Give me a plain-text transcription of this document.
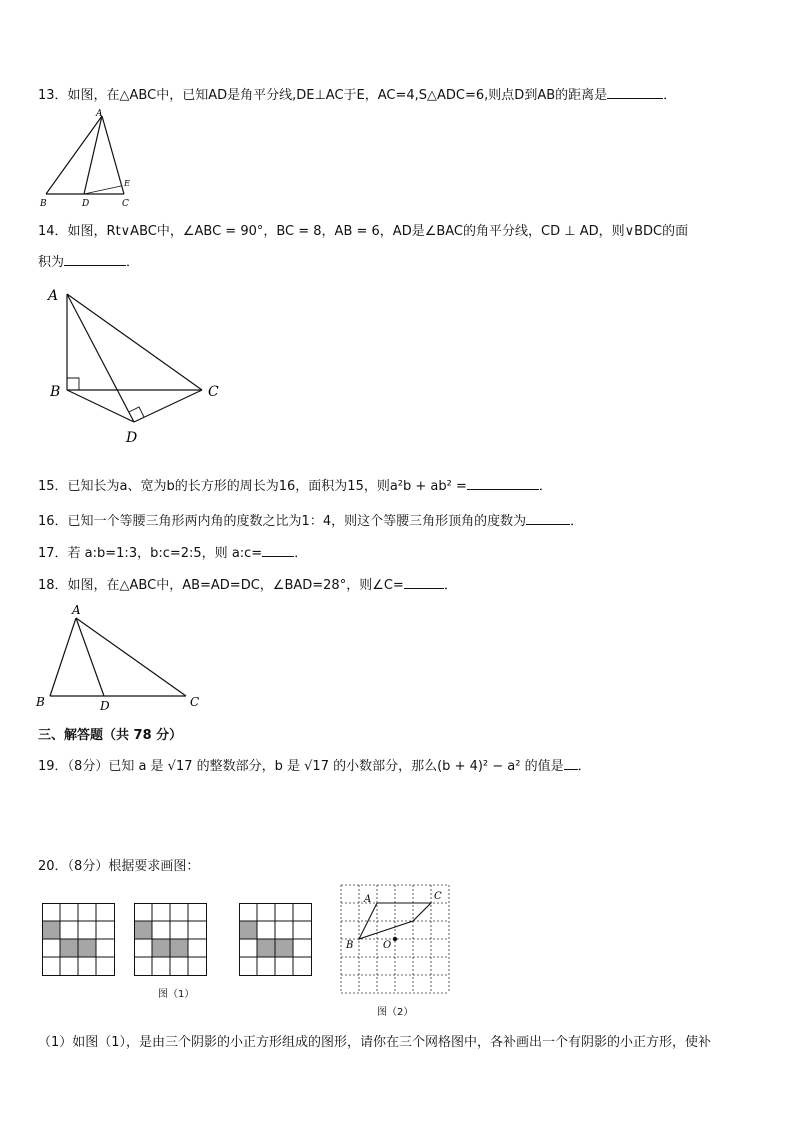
13．如图，在△ABC中，已知AD是角平分线,DE⊥AC于E，AC=4,S△ADC=6,则点D到AB的距离是	．
A
B	D
E
C
14．如图，Rt∨ABC中，∠ABC = 90°，BC = 8，AB = 6，AD是∠BAC的角平分线，CD ⊥ AD，则∨BDC的面
积为	．
A
B	C
D
15．已知长为a、宽为b的长方形的周长为16，面积为15，则a²b + ab² =	．
16．已知一个等腰三角形两内角的度数之比为1：4，则这个等腰三角形顶角的度数为	．
17．若 a:b=1:3，b:c=2:5，则 a:c= ．
18．如图，在△ABC中，AB=AD=DC，∠BAD=28°，则∠C=	．
A
B	D	C
三、解答题（共 78 分）
19．（8分）已知 a 是 √17 的整数部分，b 是 √17 的小数部分，那么(b + 4)² − a² 的值是 ．
20．（8分）根据要求画图：
图（1）
A	C
B	O
图（2）
（1）如图（1），是由三个阴影的小正方形组成的图形，请你在三个网格图中，各补画出一个有阴影的小正方形，使补
